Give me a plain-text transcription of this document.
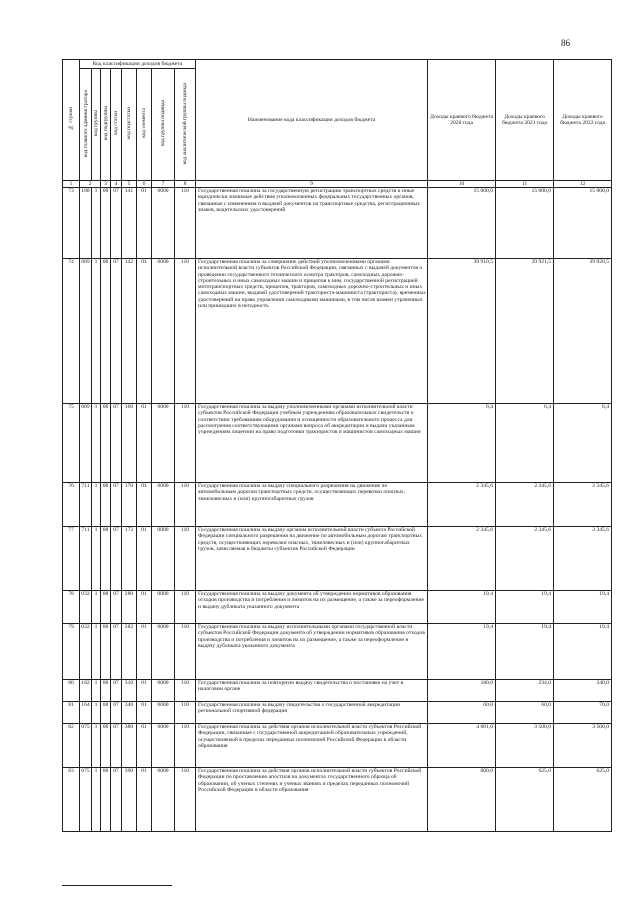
86
№ строки	Код классификации доходов бюджета								Наименование кода классификации доходов бюджета	Доходы краевого бюджета 2020 года	Доходы краевого бюджета 2021 года	Доходы краевого бюджета 2022 года
	код главного администратора	код группы	код подгруппы	код статьи	код подстатьи	код элемента	код группы подвида	код аналитической группы подвида				
1	2		3	4	5	6	7	8	9	10	11	12
73	188	1	08	07	141	01	0000	110	Государственная пошлина за государственную регистрацию транспортных средств и иные юридически значимые действия уполномоченных федеральных государственных органов, связанные с изменением и выдачей документов на транспортные средства, регистрационных знаков, водительских удостоверений	15 000,0	15 000,0	15 000,0
74	069	1	08	07	142	01	0000	110	Государственная пошлина за совершение действий уполномоченными органами исполнительной власти субъектов Российской Федерации, связанных с выдачей документов о проведении государственного технического осмотра тракторов, самоходных дорожно-строительных и иных самоходных машин и прицепов к ним, государственной регистрацией мототранспортных средств, прицепов, тракторов, самоходных дорожно-строительных и иных самоходных машин, выдачей удостоверений тракториста-машиниста (тракториста), временных удостоверений на право управления самоходными машинами, в том числе взамен утраченных или пришедших в негодность	39 910,5	39 921,5	39 920,5
75	069	1	08	07	160	01	0000	110	Государственная пошлина за выдачу уполномоченными органами исполнительной власти субъектов Российской Федерации учебным учреждениям образовательных свидетельств о соответствии требованиям оборудования и оснащенности образовательного процесса для рассмотрения соответствующими органами вопроса об аккредитации и выдачи указанным учреждениям лицензии на право подготовки трактористов и машинистов самоходных машин	6,4	6,4	6,4
76	711	1	08	07	170	01	0000	110	Государственная пошлина за выдачу специального разрешения на движение по автомобильным дорогам транспортных средств, осуществляющих перевозки опасных, тяжеловесных и (или) крупногабаритных грузов	2 345,6	2 345,6	2 345,6
77	711	1	08	07	172	01	0000	110	Государственная пошлина за выдачу органом исполнительной власти субъекта Российской Федерации специального разрешения на движение по автомобильным дорогам транспортных средств, осуществляющих перевозки опасных, тяжеловесных и (или) крупногабаритных грузов, зачисляемая в бюджеты субъектов Российской Федерации	2 345,6	2 345,6	2 345,6
78	032	1	08	07	280	01	0000	110	Государственная пошлина за выдачу документа об утверждении нормативов образования отходов производства и потребления и лимитов на их размещение, а также за переоформление и выдачу дубликата указанного документа	19,4	19,4	19,4
79	032	1	08	07	282	01	0000	110	Государственная пошлина за выдачу исполнительными органами государственной власти субъектов Российской Федерации документа об утверждении нормативов образования отходов производства и потребления и лимитов на их размещение, а также за переоформление и выдачу дубликата указанного документа	19,4	19,4	19,4
80	182	1	08	07	310	01	0000	110	Государственная пошлина за повторную выдачу свидетельства о постановке на учет в налоговом органе	180,0	234,0	240,0
81	164	1	08	07	340	01	0000	110	Государственная пошлина за выдачу свидетельства о государственной аккредитации региональной спортивной федерации	60,0	60,0	70,0
82	075	1	08	07	380	01	0000	110	Государственная пошлина за действия органов исполнительной власти субъектов Российской Федерации, связанные с государственной аккредитацией образовательных учреждений, осуществляемой в пределах переданных полномочий Российской Федерации в области образования	4 001,0	3 500,0	3 500,0
83	075	1	08	07	390	01	0000	110	Государственная пошлина за действия органов исполнительной власти субъектов Российской Федерации по проставлению апостиля на документах государственного образца об образовании, об ученых степенях и ученых званиях в пределах переданных полномочий Российской Федерации в области образования	600,0	625,0	625,0
